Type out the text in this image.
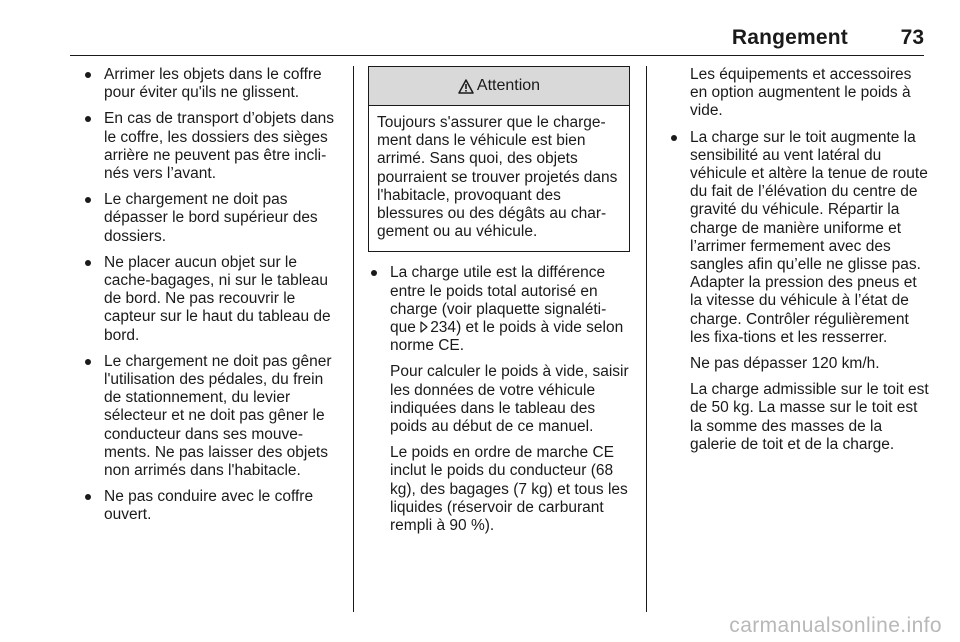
Rangement	73
Arrimer les objets dans le coffre pour éviter qu'ils ne glissent.
En cas de transport d’objets dans le coffre, les dossiers des sièges arrière ne peuvent pas être incli-nés vers l’avant.
Le chargement ne doit pas dépasser le bord supérieur des dossiers.
Ne placer aucun objet sur le cache-bagages, ni sur le tableau de bord. Ne pas recouvrir le capteur sur le haut du tableau de bord.
Le chargement ne doit pas gêner l'utilisation des pédales, du frein de stationnement, du levier sélecteur et ne doit pas gêner le conducteur dans ses mouve-ments. Ne pas laisser des objets non arrimés dans l'habitacle.
Ne pas conduire avec le coffre ouvert.
Attention
Toujours s'assurer que le charge-ment dans le véhicule est bien arrimé. Sans quoi, des objets pourraient se trouver projetés dans l'habitacle, provoquant des blessures ou des dégâts au char-gement ou au véhicule.
La charge utile est la différence entre le poids total autorisé en charge (voir plaquette signaléti-que 234) et le poids à vide selon norme CE.
Pour calculer le poids à vide, saisir les données de votre véhicule indiquées dans le tableau des poids au début de ce manuel.
Le poids en ordre de marche CE inclut le poids du conducteur (68 kg), des bagages (7 kg) et tous les liquides (réservoir de carburant rempli à 90 %).
Les équipements et accessoires en option augmentent le poids à vide.
La charge sur le toit augmente la sensibilité au vent latéral du véhicule et altère la tenue de route du fait de l’élévation du centre de gravité du véhicule. Répartir la charge de manière uniforme et l’arrimer fermement avec des sangles afin qu’elle ne glisse pas. Adapter la pression des pneus et la vitesse du véhicule à l’état de charge. Contrôler régulièrement les fixa-tions et les resserrer.
Ne pas dépasser 120 km/h.
La charge admissible sur le toit est de 50 kg. La masse sur le toit est la somme des masses de la galerie de toit et de la charge.
carmanualsonline.info
